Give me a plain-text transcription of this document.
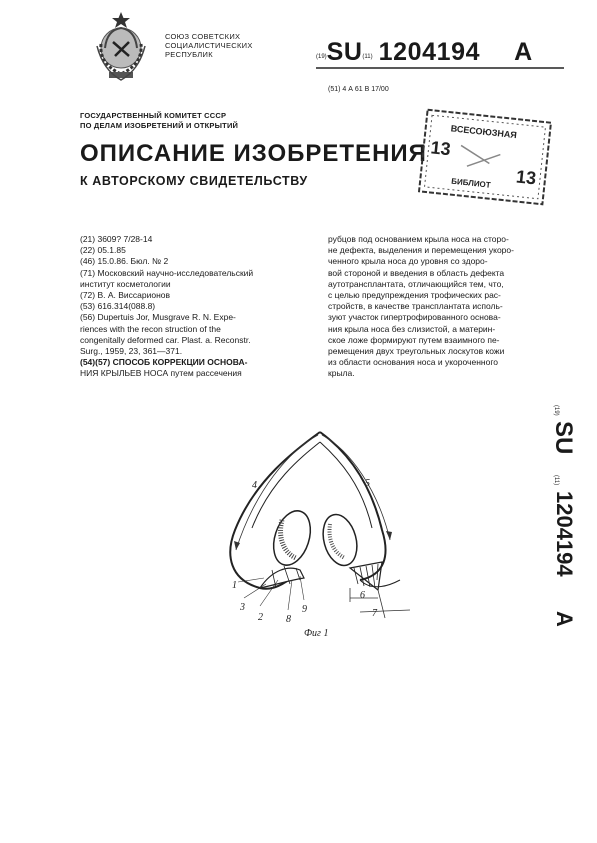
СОЮЗ СОВЕТСКИХ
СОЦИАЛИСТИЧЕСКИХ
РЕСПУБЛИК	(19)SU(11) 1204194 A
(51) 4 А 61 В 17/00
ГОСУДАРСТВЕННЫЙ КОМИТЕТ СССР
ПО ДЕЛАМ ИЗОБРЕТЕНИЙ И ОТКРЫТИЙ
ОПИСАНИЕ ИЗОБРЕТЕНИЯ
К АВТОРСКОМУ СВИДЕТЕЛЬСТВУ
ВСЕСОЮЗНАЯ
13
13
БИБЛИОТ
(21) 3609? 7/28-14
(22) 05.1.85
(46) 15.0.86. Бюл. № 2
(71) Московский научно-исследовательский
институт косметологии
(72) В. А. Виссарионов
(53) 616.314(088.8)
(56) Dupertuis Jor, Musgrave R. N. Expe-
riences with the recon struction of the
congenitally deformed car. Plast. a. Reconstr.
Surg., 1959, 23, 361—371.
(54)(57) СПОСОБ КОРРЕКЦИИ ОСНОВА-
НИЯ КРЫЛЬЕВ НОСА путем рассечения
рубцов под основанием крыла носа на сторо-
не дефекта, выделения и перемещения укоро-
ченного крыла носа до уровня со здоро-
вой стороной и введения в область дефекта
аутотрансплантата, отличающийся тем, что,
с целью предупреждения трофических рас-
стройств, в качестве трансплантата исполь-
зуют участок гипертрофированного основа-
ния крыла носа без слизистой, а материн-
ское ложе формируют путем взаимного пе-
ремещения двух треугольных лоскутов кожи
из области основания носа и укороченного
крыла.
(19)
SU
(11)
1204194
A
1
2
3
4	5
6
7
8
9
Фиг 1
